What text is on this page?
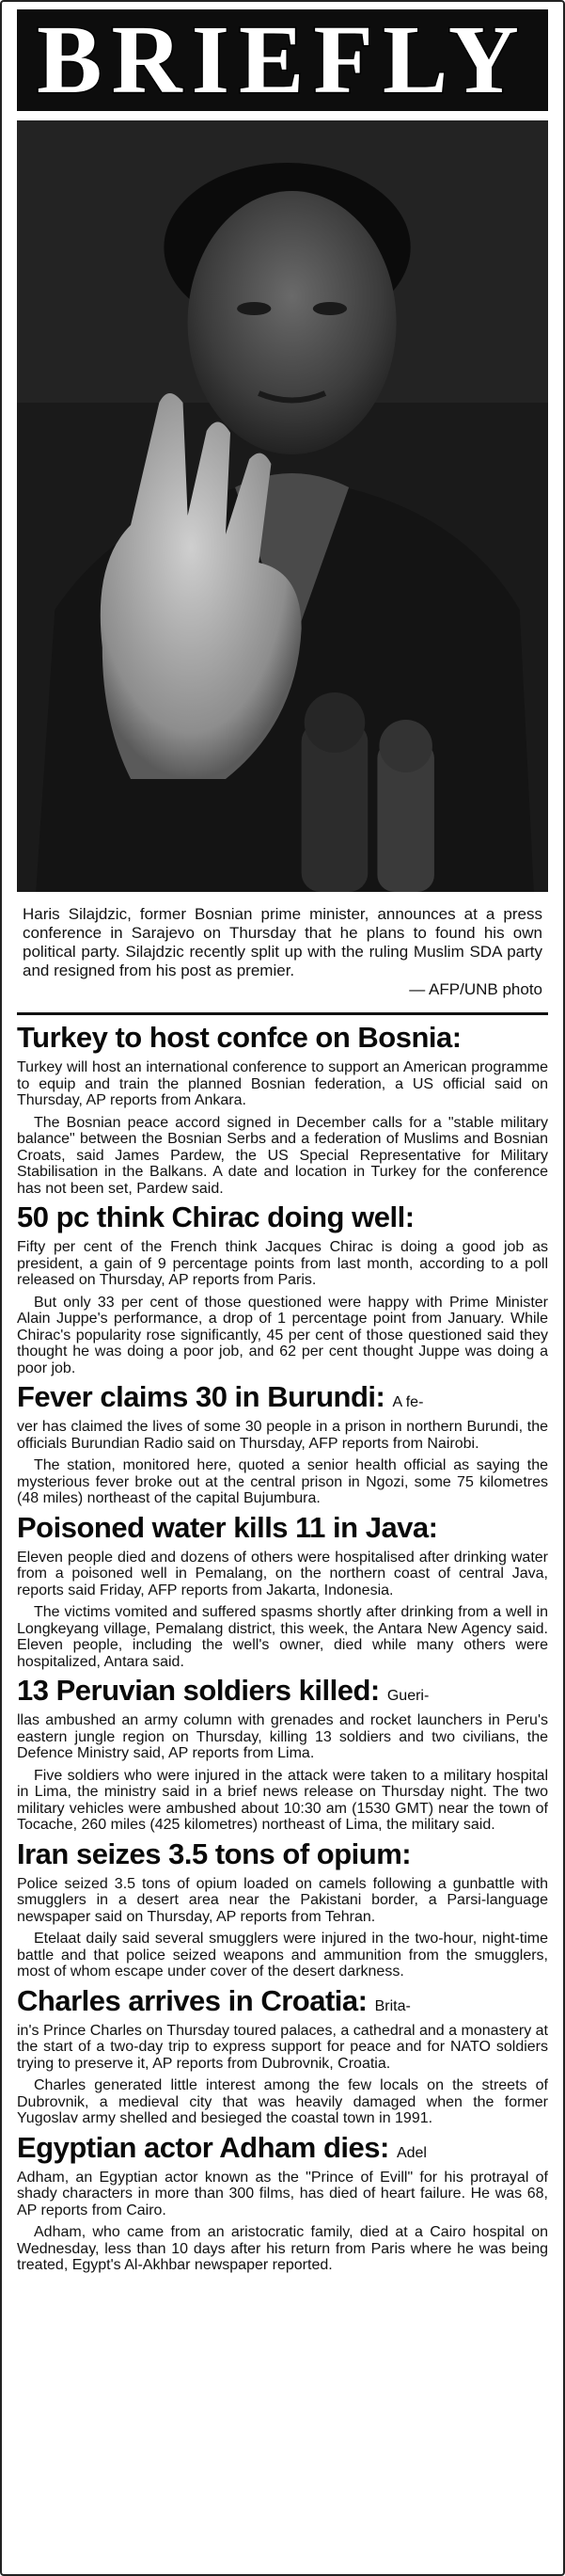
BRIEFLY
Haris Silajdzic, former Bosnian prime minister, announces at a press conference in Sarajevo on Thursday that he plans to found his own political party. Silajdzic recently split up with the ruling Muslim SDA party and resigned from his post as premier.
— AFP/UNB photo
Turkey to host confce on Bosnia:

Turkey will host an international conference to support an American programme to equip and train the planned Bosnian federation, a US official said on Thursday, AP reports from Ankara.

The Bosnian peace accord signed in December calls for a "stable military balance" between the Bosnian Serbs and a federation of Muslims and Bosnian Croats, said James Pardew, the US Special Representative for Military Stabilisation in the Balkans. A date and location in Turkey for the conference has not been set, Pardew said.

50 pc think Chirac doing well:

Fifty per cent of the French think Jacques Chirac is doing a good job as president, a gain of 9 percentage points from last month, according to a poll released on Thursday, AP reports from Paris.

But only 33 per cent of those questioned were happy with Prime Minister Alain Juppe's performance, a drop of 1 percentage point from January. While Chirac's popularity rose significantly, 45 per cent of those questioned said they thought he was doing a poor job, and 62 per cent thought Juppe was doing a poor job.

Fever claims 30 in Burundi: A fe-

ver has claimed the lives of some 30 people in a prison in northern Burundi, the officials Burundian Radio said on Thursday, AFP reports from Nairobi.

The station, monitored here, quoted a senior health official as saying the mysterious fever broke out at the central prison in Ngozi, some 75 kilometres (48 miles) northeast of the capital Bujumbura.

Poisoned water kills 11 in Java:

Eleven people died and dozens of others were hospitalised after drinking water from a poisoned well in Pemalang, on the northern coast of central Java, reports said Friday, AFP reports from Jakarta, Indonesia.

The victims vomited and suffered spasms shortly after drinking from a well in Longkeyang village, Pemalang district, this week, the Antara New Agency said. Eleven people, including the well's owner, died while many others were hospitalized, Antara said.

13 Peruvian soldiers killed: Gueri-

llas ambushed an army column with grenades and rocket launchers in Peru's eastern jungle region on Thursday, killing 13 soldiers and two civilians, the Defence Ministry said, AP reports from Lima.

Five soldiers who were injured in the attack were taken to a military hospital in Lima, the ministry said in a brief news release on Thursday night. The two military vehicles were ambushed about 10:30 am (1530 GMT) near the town of Tocache, 260 miles (425 kilometres) northeast of Lima, the military said.

Iran seizes 3.5 tons of opium:

Police seized 3.5 tons of opium loaded on camels following a gunbattle with smugglers in a desert area near the Pakistani border, a Parsi-language newspaper said on Thursday, AP reports from Tehran.

Etelaat daily said several smugglers were injured in the two-hour, night-time battle and that police seized weapons and ammunition from the smugglers, most of whom escape under cover of the desert darkness.

Charles arrives in Croatia: Brita-

in's Prince Charles on Thursday toured palaces, a cathedral and a monastery at the start of a two-day trip to express support for peace and for NATO soldiers trying to preserve it, AP reports from Dubrovnik, Croatia.

Charles generated little interest among the few locals on the streets of Dubrovnik, a medieval city that was heavily damaged when the former Yugoslav army shelled and besieged the coastal town in 1991.

Egyptian actor Adham dies: Adel

Adham, an Egyptian actor known as the "Prince of Evill" for his protrayal of shady characters in more than 300 films, has died of heart failure. He was 68, AP reports from Cairo.

Adham, who came from an aristocratic family, died at a Cairo hospital on Wednesday, less than 10 days after his return from Paris where he was being treated, Egypt's Al-Akhbar newspaper reported.
